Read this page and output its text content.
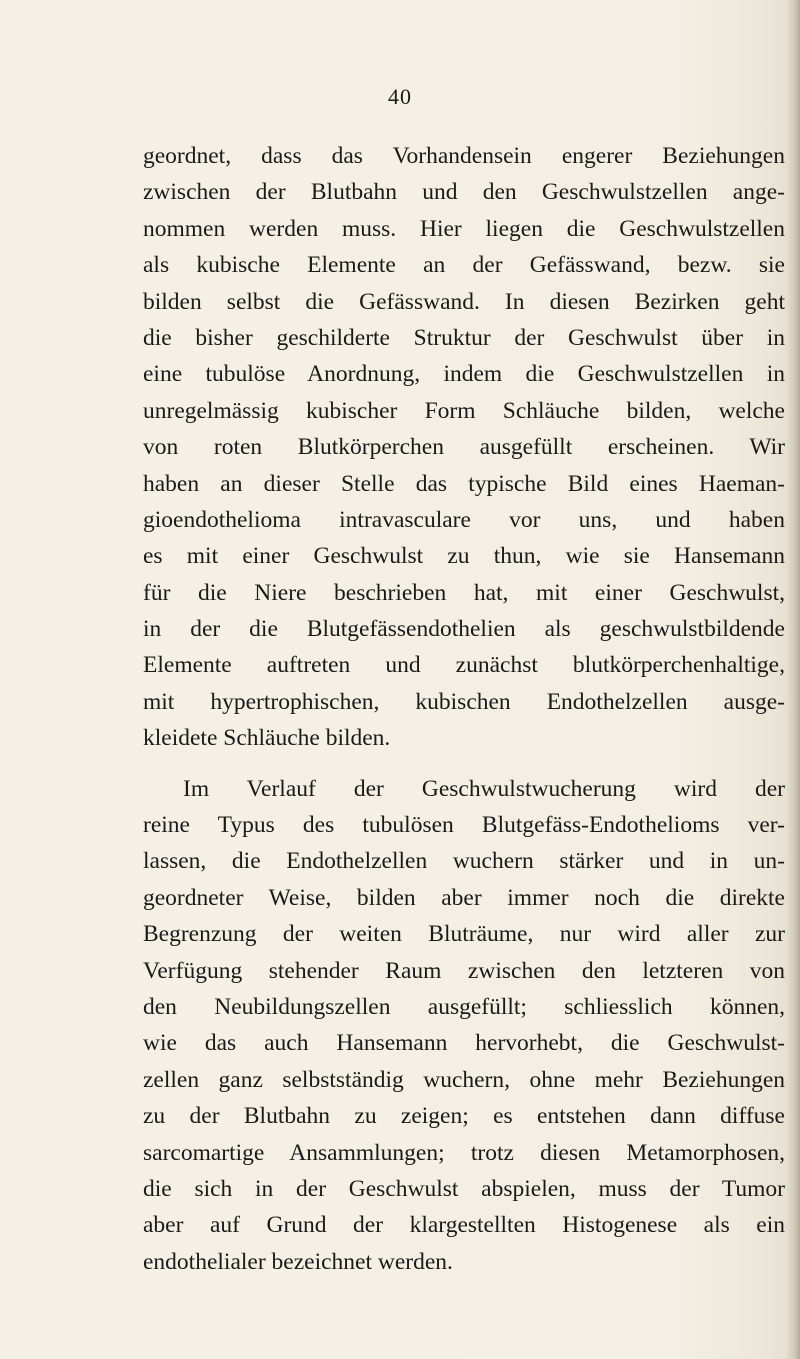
40
geordnet, dass das Vorhandensein engerer Beziehungen
zwischen der Blutbahn und den Geschwulstzellen ange-
nommen werden muss. Hier liegen die Geschwulstzellen
als kubische Elemente an der Gefässwand, bezw. sie
bilden selbst die Gefässwand. In diesen Bezirken geht
die bisher geschilderte Struktur der Geschwulst über in
eine tubulöse Anordnung, indem die Geschwulstzellen in
unregelmässig kubischer Form Schläuche bilden, welche
von roten Blutkörperchen ausgefüllt erscheinen. Wir
haben an dieser Stelle das typische Bild eines Haeman-
gioendothelioma intravasculare vor uns, und haben
es mit einer Geschwulst zu thun, wie sie Hansemann
für die Niere beschrieben hat, mit einer Geschwulst,
in der die Blutgefässendothelien als geschwulstbildende
Elemente auftreten und zunächst blutkörperchenhaltige,
mit hypertrophischen, kubischen Endothelzellen ausge-
kleidete Schläuche bilden.
Im Verlauf der Geschwulstwucherung wird der
reine Typus des tubulösen Blutgefäss-Endothelioms ver-
lassen, die Endothelzellen wuchern stärker und in un-
geordneter Weise, bilden aber immer noch die direkte
Begrenzung der weiten Bluträume, nur wird aller zur
Verfügung stehender Raum zwischen den letzteren von
den Neubildungszellen ausgefüllt; schliesslich können,
wie das auch Hansemann hervorhebt, die Geschwulst-
zellen ganz selbstständig wuchern, ohne mehr Beziehungen
zu der Blutbahn zu zeigen; es entstehen dann diffuse
sarcomartige Ansammlungen; trotz diesen Metamorphosen,
die sich in der Geschwulst abspielen, muss der Tumor
aber auf Grund der klargestellten Histogenese als ein
endothelialer bezeichnet werden.
